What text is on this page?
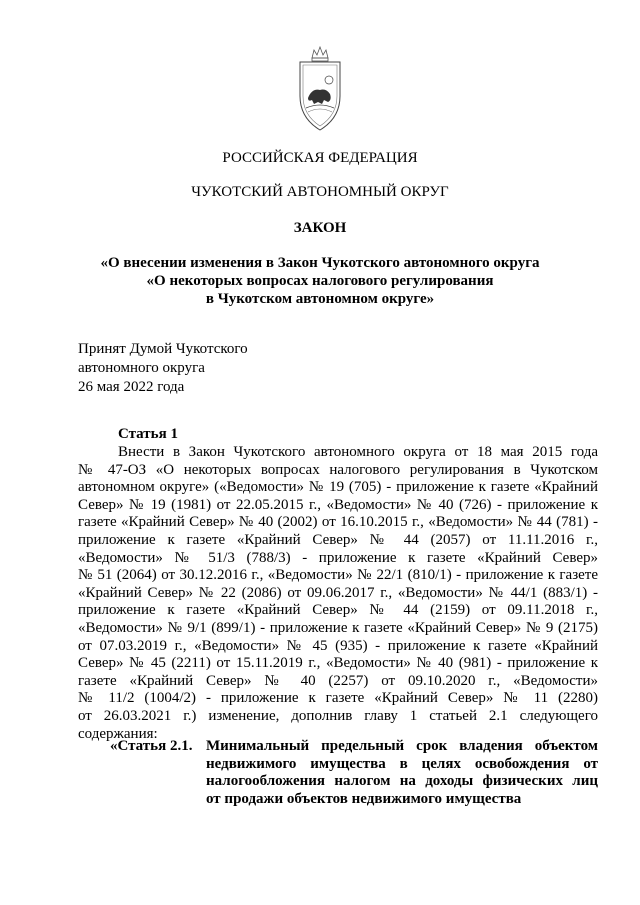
РОССИЙСКАЯ ФЕДЕРАЦИЯ
ЧУКОТСКИЙ АВТОНОМНЫЙ ОКРУГ
ЗАКОН
«О внесении изменения в Закон Чукотского автономного округа
«О некоторых вопросах налогового регулирования
в Чукотском автономном округе»
Принят Думой Чукотского
автономного округа
26 мая 2022 года
Статья 1
Внести в Закон Чукотского автономного округа от 18 мая 2015 года
№ 47-ОЗ «О некоторых вопросах налогового регулирования в Чукотском
автономном округе» («Ведомости» № 19 (705) - приложение к газете «Крайний
Север» № 19 (1981) от 22.05.2015 г., «Ведомости» № 40 (726) - приложение к
газете «Крайний Север» № 40 (2002) от 16.10.2015 г., «Ведомости» № 44 (781) -
приложение к газете «Крайний Север» № 44 (2057) от 11.11.2016 г.,
«Ведомости» № 51/3 (788/3) - приложение к газете «Крайний Север»
№ 51 (2064) от 30.12.2016 г., «Ведомости» № 22/1 (810/1) - приложение к газете
«Крайний Север» № 22 (2086) от 09.06.2017 г., «Ведомости» № 44/1 (883/1) -
приложение к газете «Крайний Север» № 44 (2159) от 09.11.2018 г.,
«Ведомости» № 9/1 (899/1) - приложение к газете «Крайний Север» № 9 (2175)
от 07.03.2019 г., «Ведомости» № 45 (935) - приложение к газете «Крайний
Север» № 45 (2211) от 15.11.2019 г., «Ведомости» № 40 (981) - приложение к
газете «Крайний Север» № 40 (2257) от 09.10.2020 г., «Ведомости»
№ 11/2 (1004/2) - приложение к газете «Крайний Север» № 11 (2280)
от 26.03.2021 г.) изменение, дополнив главу 1 статьей 2.1 следующего
содержания:
«Статья 2.1. Минимальный предельный срок владения объектом
недвижимого имущества в целях освобождения от
налогообложения налогом на доходы физических лиц
от продажи объектов недвижимого имущества
